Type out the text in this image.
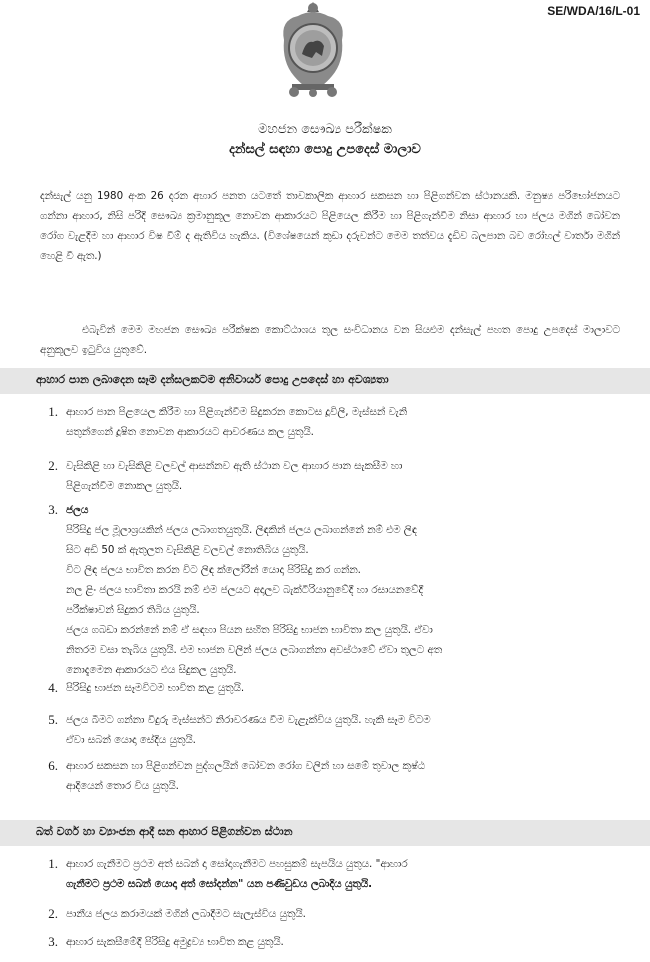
SE/WDA/16/L-01
මහජන සෞඛ්‍ය පරීක්ෂක
දන්සල් සඳහා පොදු උපදෙස් මාලාව
දන්සැල් යනු 1980 අංක 26 දරන අහාර පනත යටතේ තාවකාලික ආහාර සකසන හා පිළිගන්වන ස්ථානයකි. මනුෂ්‍ය පරිභෝජනයට ගන්නා ආහාර, නිසි පරිදි සෞඛ්‍ය ක්‍රමානුකූල නොවන ආකාරයට පිළියෙල කිරීම හා පිළිගැන්වීම නිසා ආහාර හා ජලය මගින් බෝවන රෝග වැළදීම හා ආහාර විෂ වීම් ද ඇතිවිය හැකිය. (විශේෂයෙන් කුඩා දරුවන්ට මෙම තත්වය දැඩිව බලපාන බව රෝහල් වාර්තා මගින් හෙළි වී ඇත.)
එබැවින් මෙම මහජන සෞඛ්‍ය පරීක්ෂක කොට්ඨාශය තුල සංවිධානය වන සියළුම දන්සැල් පහත පොදු උපදෙස් මාලාවට අනුකූලව ඉටුවිය යුතුවේ.
ආහාර පාන ලබාදෙන සෑම දන්සලකටම අනිවාර්ය පොදු උපදෙස් හා අවශ්‍යතා
1. ආහාර පාන පිළයෙල කිරීම හා පිළිගැන්වීම සිදුකරන කොටස දූවිලි, මැස්සන් වැනි
සතුන්ගෙන් දූෂිත නොවන ආකාරයට ආවරණය කල යුතුයි.
2. වැසිකිළි හා වැසිකිළි වලවල් ආසන්නව ඇති ස්ථාන වල ආහාර පාන සැකසීම හා
පිළිගැන්වීම නොකල යුතුයි.
3. ජලය
පිරිසිදු ජල මූලාශ්‍රයකින් ජලය ලබාගතයුතුයි. ලිඳකින් ජලය ලබාගන්නේ නම් එම ලිඳ
සිට අඩි 50 ක් ඇතුලත වැසිකිළි වලවල් නොතිබිය යුතුයි.
විට ලිඳ ජලය භාවිත කරන විට ලිඳ ක්ලෝරීන් යොදා පිරිසිදු කර ගන්න.
නල ළිං ජලය භාවිතා කරයි නම් එම ජලයට අදාලව බැක්ටීරියානුවේදී හා රසායනවේදී
පරීක්ෂාවන් සිදුකර තිබිය යුතුයි.
ජලය ගබඩා කරන්නේ නම් ඒ සඳහා පියන සහිත පිරිසිදු භාජන භාවිතා කල යුතුයි. ඒවා
නිතරම වසා තැබිය යුතුයි. එම භාජන වලින් ජලය ලබාගන්නා අවස්ථාවේ ඒවා තුලට අත
නොදැමෙන ආකාරයට එය සිදුකල යුතුයි.
4. පිරිසිදු භාජන සෑමවිටම භාවිත කළ යුතුයි.
5. ජලය බීමට ගන්නා වීදුරු මැස්සන්ට නිරාවරණය වීම වැළැක්විය යුතුයි. හැකි සෑම විටම
ඒවා සබන් යොදා සේදිය යුතුයි.
6. ආහාර සකසන හා පිළිගන්වන පුද්ගලයින් බෝවන රෝග වලින් හා සමේ තුවාල කුෂ්ඨ
ආදියෙන් තොර විය යුතුයි.
බත් වර්ග හා ව්‍යාංජන ආදී ඝන ආහාර පිළිගන්වන ස්ථාන
1. ආහාර ගැනීමට ප්‍රථම අත් සබන් දා සෝදාගැනීමට පහසුකම් සැපයිය යුතුය. "ආහාර
ගැනීමට ප්‍රථම සබන් යොදා අත් සෝදන්න" යන පණිවුඩය ලබාදිය යුතුයි.
2. පානීය ජලය කරාමයක් මගින් ලබාදීමට සැලැස්විය යුතුයි.
3. ආහාර සැකසීමේදී පිරිසිදු අමුද්‍රව්‍ය භාවිත කළ යුතුයි.
